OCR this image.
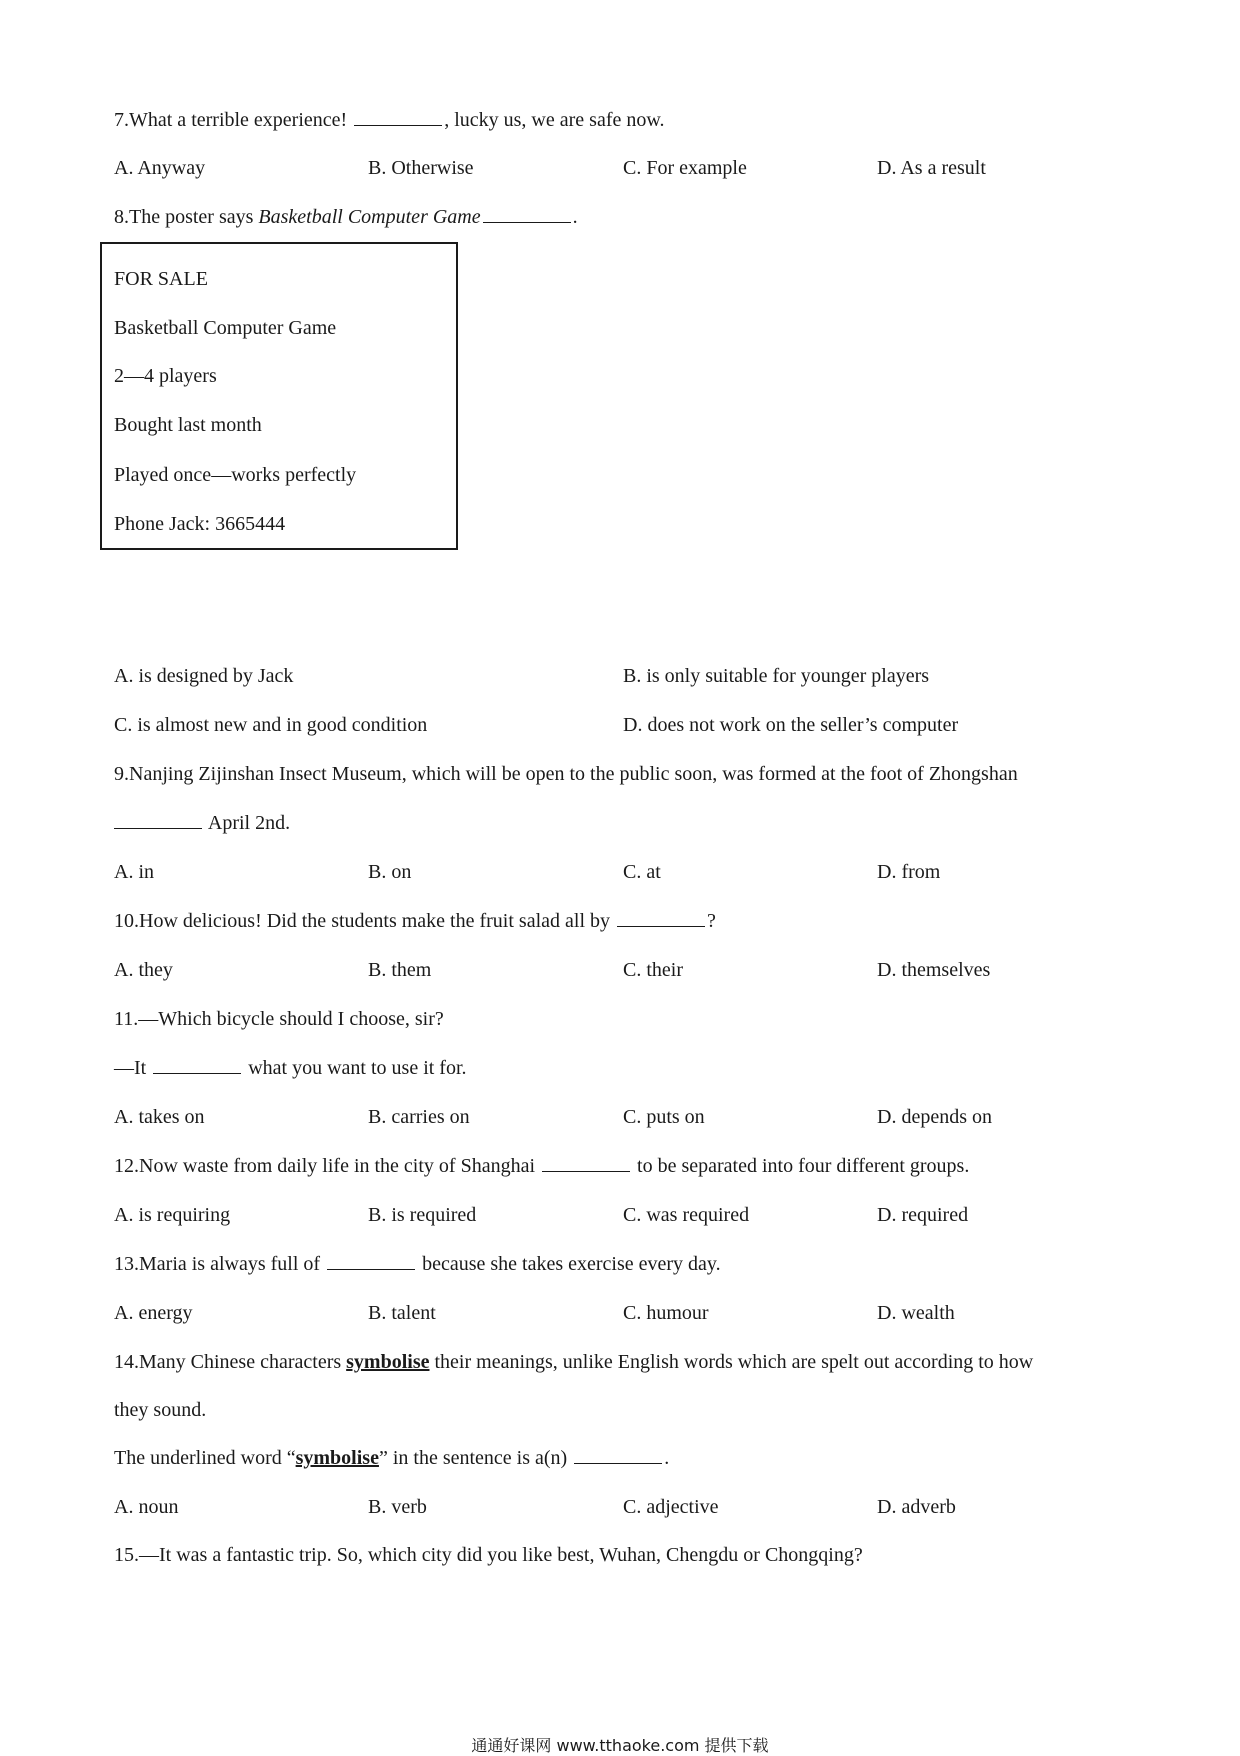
7.What a terrible experience!	, lucky us, we are safe now.
A. Anyway	B. Otherwise	C. For example	D. As a result
8.The poster says Basketball Computer Game	.
FOR SALE
Basketball Computer Game
2—4 players
Bought last month
Played once—works perfectly
Phone Jack: 3665444
A. is designed by Jack	B. is only suitable for younger players
C. is almost new and in good condition	D. does not work on the seller’s computer
9.Nanjing Zijinshan Insect Museum, which will be open to the public soon, was formed at the foot of Zhongshan
April 2nd.
A. in	B. on	C. at	D. from
10.How delicious! Did the students make the fruit salad all by	?
A. they	B. them	C. their	D. themselves
11.—Which bicycle should I choose, sir?
—It	what you want to use it for.
A. takes on	B. carries on	C. puts on	D. depends on
12.Now waste from daily life in the city of Shanghai	to be separated into four different groups.
A. is requiring	B. is required	C. was required	D. required
13.Maria is always full of	because she takes exercise every day.
A. energy	B. talent	C. humour	D. wealth
14.Many Chinese characters symbolise their meanings, unlike English words which are spelt out according to how
they sound.
The underlined word “symbolise” in the sentence is a(n)	.
A. noun	B. verb	C. adjective	D. adverb
15.—It was a fantastic trip. So, which city did you like best, Wuhan, Chengdu or Chongqing?
通通好课网 www.tthaoke.com 提供下载
